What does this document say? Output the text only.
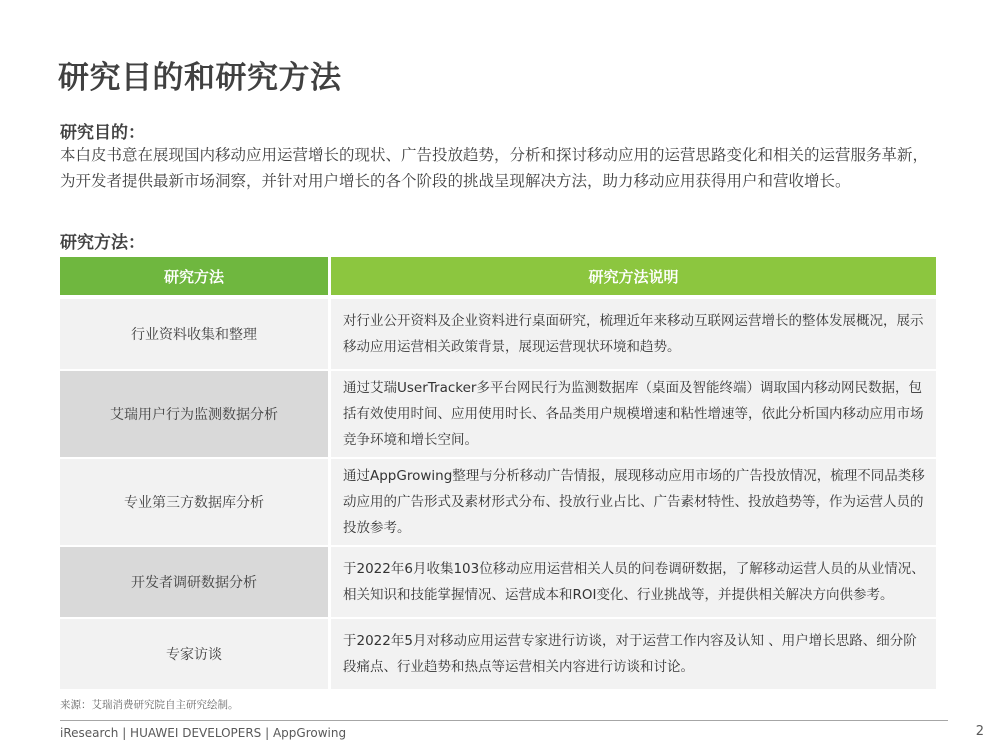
研究目的和研究方法
研究目的：

本白皮书意在展现国内移动应用运营增长的现状、广告投放趋势，分析和探讨移动应用的运营思路变化和相关的运营服务革新，为开发者提供最新市场洞察，并针对用户增长的各个阶段的挑战呈现解决方法，助力移动应用获得用户和营收增长。

研究方法：
研究方法	研究方法说明
行业资料收集和整理	对行业公开资料及企业资料进行桌面研究，梳理近年来移动互联网运营增长的整体发展概况，展示移动应用运营相关政策背景，展现运营现状环境和趋势。
艾瑞用户行为监测数据分析	通过艾瑞UserTracker多平台网民行为监测数据库（桌面及智能终端）调取国内移动网民数据，包括有效使用时间、应用使用时长、各品类用户规模增速和粘性增速等，依此分析国内移动应用市场竞争环境和增长空间。
专业第三方数据库分析	通过AppGrowing整理与分析移动广告情报，展现移动应用市场的广告投放情况，梳理不同品类移动应用的广告形式及素材形式分布、投放行业占比、广告素材特性、投放趋势等，作为运营人员的投放参考。
开发者调研数据分析	于2022年6月收集103位移动应用运营相关人员的问卷调研数据，了解移动运营人员的从业情况、相关知识和技能掌握情况、运营成本和ROI变化、行业挑战等，并提供相关解决方向供参考。
专家访谈	于2022年5月对移动应用运营专家进行访谈，对于运营工作内容及认知 、用户增长思路、细分阶段痛点、行业趋势和热点等运营相关内容进行访谈和讨论。

来源：艾瑞消费研究院自主研究绘制。

iResearch | HUAWEI DEVELOPERS | AppGrowing	2
